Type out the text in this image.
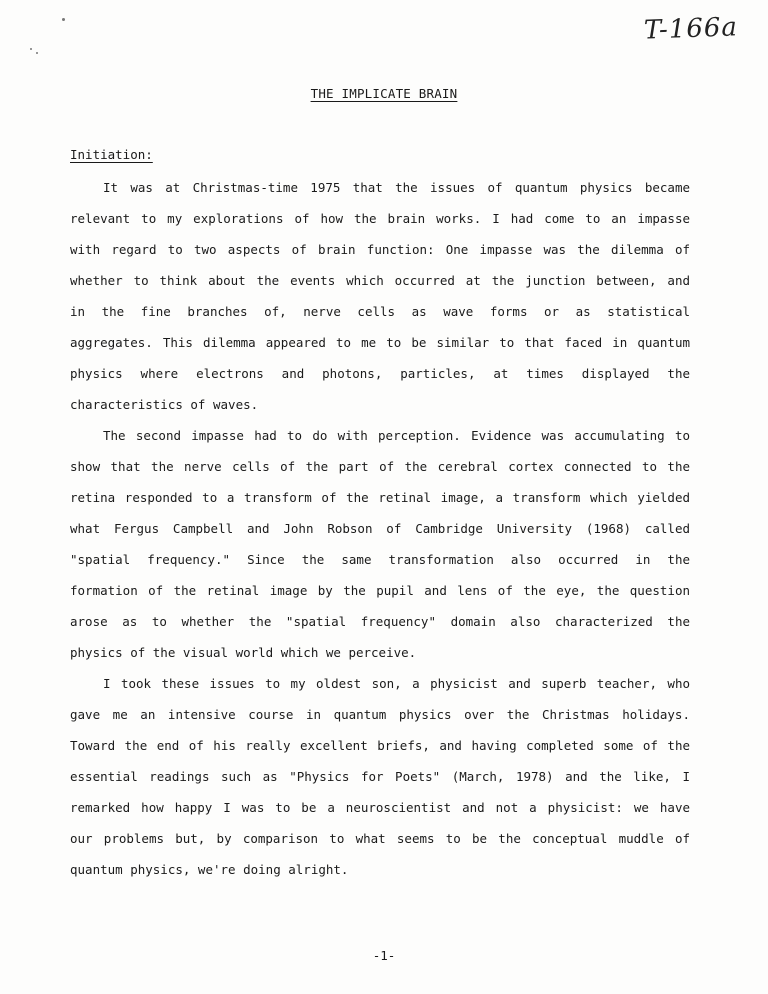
T-166a
THE IMPLICATE BRAIN
Initiation:
It was at Christmas-time 1975 that the issues of quantum physics became
relevant to my explorations of how the brain works. I had come to an impasse
with regard to two aspects of brain function: One impasse was the dilemma of
whether to think about the events which occurred at the junction between, and
in the fine branches of, nerve cells as wave forms or as statistical
aggregates. This dilemma appeared to me to be similar to that faced in quantum
physics where electrons and photons, particles, at times displayed the
characteristics of waves.
The second impasse had to do with perception. Evidence was accumulating to
show that the nerve cells of the part of the cerebral cortex connected to the
retina responded to a transform of the retinal image, a transform which yielded
what Fergus Campbell and John Robson of Cambridge University (1968) called
"spatial frequency." Since the same transformation also occurred in the
formation of the retinal image by the pupil and lens of the eye, the question
arose as to whether the "spatial frequency" domain also characterized the
physics of the visual world which we perceive.
I took these issues to my oldest son, a physicist and superb teacher, who
gave me an intensive course in quantum physics over the Christmas holidays.
Toward the end of his really excellent briefs, and having completed some of the
essential readings such as "Physics for Poets" (March, 1978) and the like, I
remarked how happy I was to be a neuroscientist and not a physicist: we have
our problems but, by comparison to what seems to be the conceptual muddle of
quantum physics, we're doing alright.
-1-
